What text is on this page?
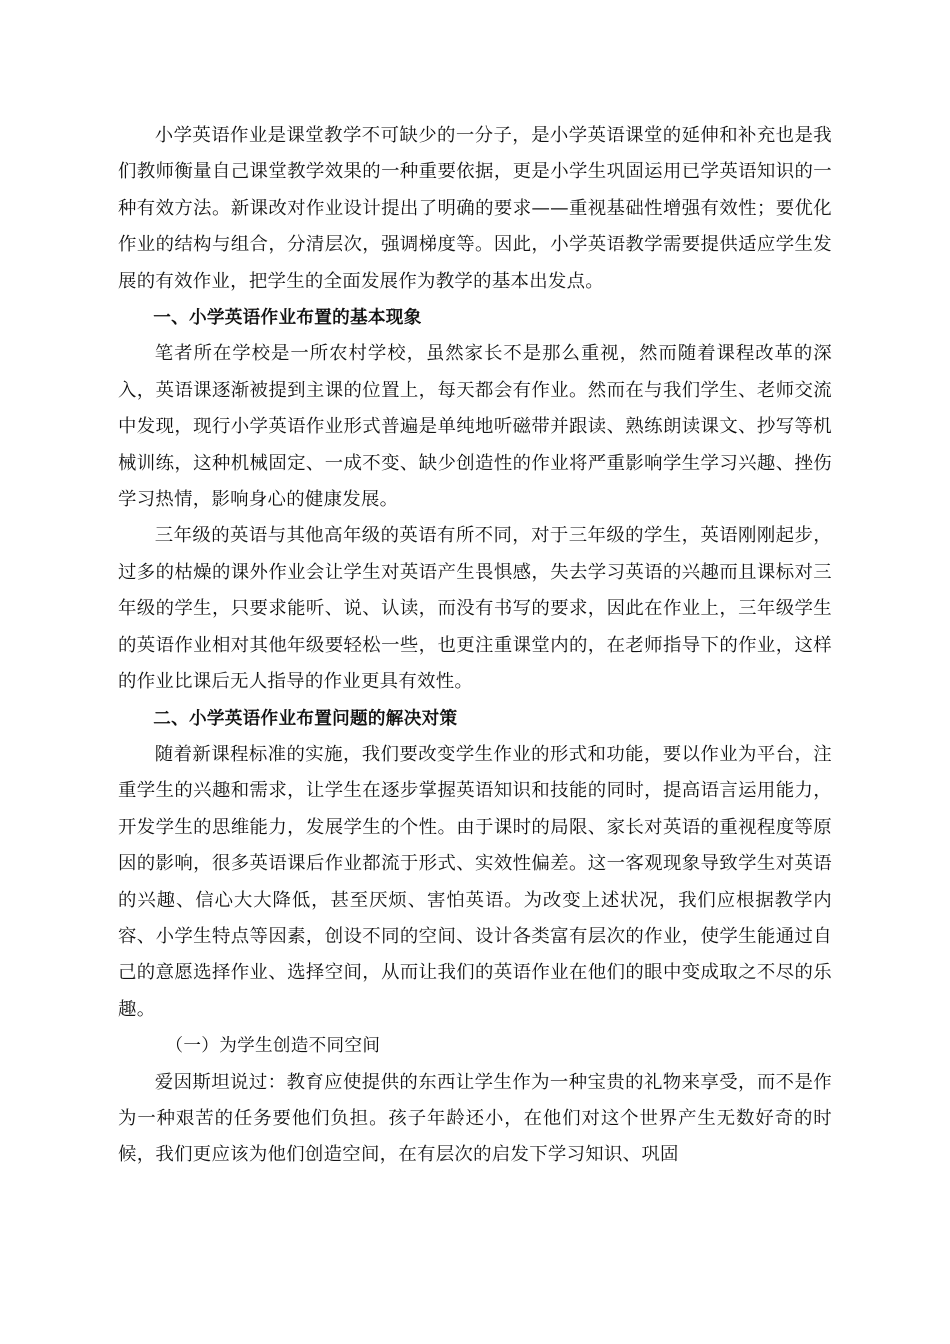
小学英语作业是课堂教学不可缺少的一分子，是小学英语课堂的延伸和补充也是我们教师衡量自己课堂教学效果的一种重要依据，更是小学生巩固运用已学英语知识的一种有效方法。新课改对作业设计提出了明确的要求——重视基础性增强有效性；要优化作业的结构与组合，分清层次，强调梯度等。因此，小学英语教学需要提供适应学生发展的有效作业，把学生的全面发展作为教学的基本出发点。

一、小学英语作业布置的基本现象

笔者所在学校是一所农村学校，虽然家长不是那么重视，然而随着课程改革的深入，英语课逐渐被提到主课的位置上，每天都会有作业。然而在与我们学生、老师交流中发现，现行小学英语作业形式普遍是单纯地听磁带并跟读、熟练朗读课文、抄写等机械训练，这种机械固定、一成不变、缺少创造性的作业将严重影响学生学习兴趣、挫伤学习热情，影响身心的健康发展。

三年级的英语与其他高年级的英语有所不同，对于三年级的学生，英语刚刚起步，过多的枯燥的课外作业会让学生对英语产生畏惧感，失去学习英语的兴趣而且课标对三年级的学生，只要求能听、说、认读，而没有书写的要求，因此在作业上，三年级学生的英语作业相对其他年级要轻松一些，也更注重课堂内的，在老师指导下的作业，这样的作业比课后无人指导的作业更具有效性。

二、小学英语作业布置问题的解决对策

随着新课程标准的实施，我们要改变学生作业的形式和功能，要以作业为平台，注重学生的兴趣和需求，让学生在逐步掌握英语知识和技能的同时，提高语言运用能力，开发学生的思维能力，发展学生的个性。由于课时的局限、家长对英语的重视程度等原因的影响，很多英语课后作业都流于形式、实效性偏差。这一客观现象导致学生对英语的兴趣、信心大大降低，甚至厌烦、害怕英语。为改变上述状况，我们应根据教学内容、小学生特点等因素，创设不同的空间、设计各类富有层次的作业，使学生能通过自己的意愿选择作业、选择空间，从而让我们的英语作业在他们的眼中变成取之不尽的乐趣。

（一）为学生创造不同空间

爱因斯坦说过：教育应使提供的东西让学生作为一种宝贵的礼物来享受，而不是作为一种艰苦的任务要他们负担。孩子年龄还小，在他们对这个世界产生无数好奇的时候，我们更应该为他们创造空间，在有层次的启发下学习知识、巩固
